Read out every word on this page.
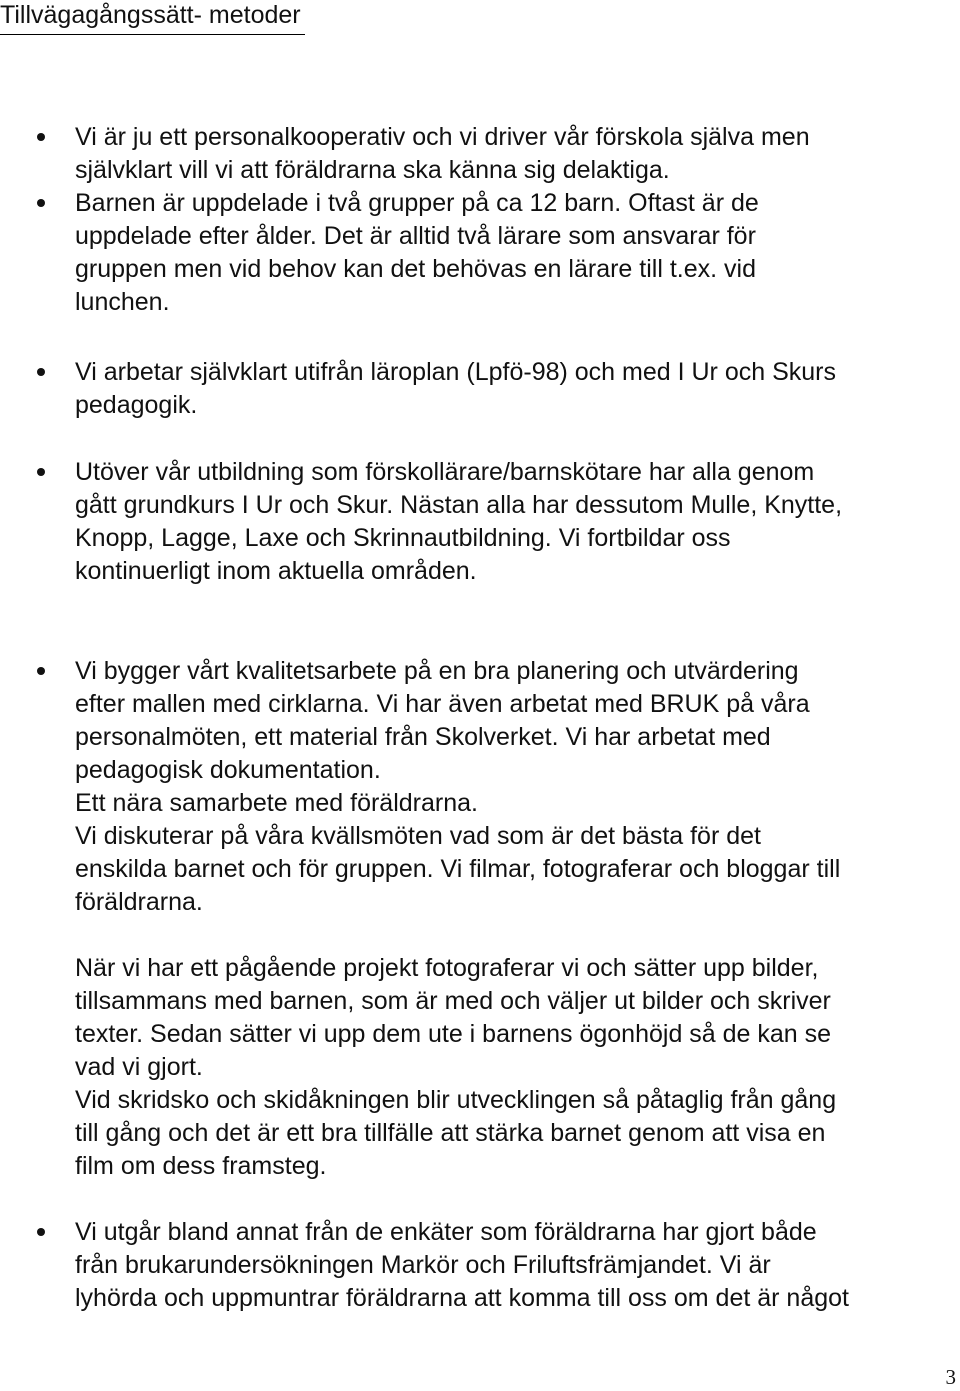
Tillvägagångssätt- metoder
Vi är ju ett personalkooperativ och vi driver vår förskola själva men
självklart vill vi att föräldrarna ska känna sig delaktiga.
Barnen är uppdelade i två grupper på ca 12 barn. Oftast är de
uppdelade efter ålder. Det är alltid två lärare som ansvarar för
gruppen men vid behov kan det behövas en lärare till t.ex. vid
lunchen.
Vi arbetar självklart utifrån läroplan (Lpfö-98) och med I Ur och Skurs
pedagogik.
Utöver vår utbildning som förskollärare/barnskötare har alla genom
gått grundkurs I Ur och Skur. Nästan alla har dessutom Mulle, Knytte,
Knopp, Lagge, Laxe och Skrinnautbildning. Vi fortbildar oss
kontinuerligt inom aktuella områden.
Vi bygger vårt kvalitetsarbete på en bra planering och utvärdering
efter mallen med cirklarna. Vi har även arbetat med BRUK på våra
personalmöten, ett material från Skolverket. Vi har arbetat med
pedagogisk dokumentation.
Ett nära samarbete med föräldrarna.
Vi diskuterar på våra kvällsmöten vad som är det bästa för det
enskilda barnet och för gruppen. Vi filmar, fotograferar och bloggar till
föräldrarna.
När vi har ett pågående projekt fotograferar vi och sätter upp bilder,
tillsammans med barnen, som är med och väljer ut bilder och skriver
texter. Sedan sätter vi upp dem ute i barnens ögonhöjd så de kan se
vad vi gjort.
Vid skridsko och skidåkningen blir utvecklingen så påtaglig från gång
till gång och det är ett bra tillfälle att stärka barnet genom att visa en
film om dess framsteg.
Vi utgår bland annat från de enkäter som föräldrarna har gjort både
från brukarundersökningen Markör och Friluftsfrämjandet. Vi är
lyhörda och uppmuntrar föräldrarna att komma till oss om det är något
3
